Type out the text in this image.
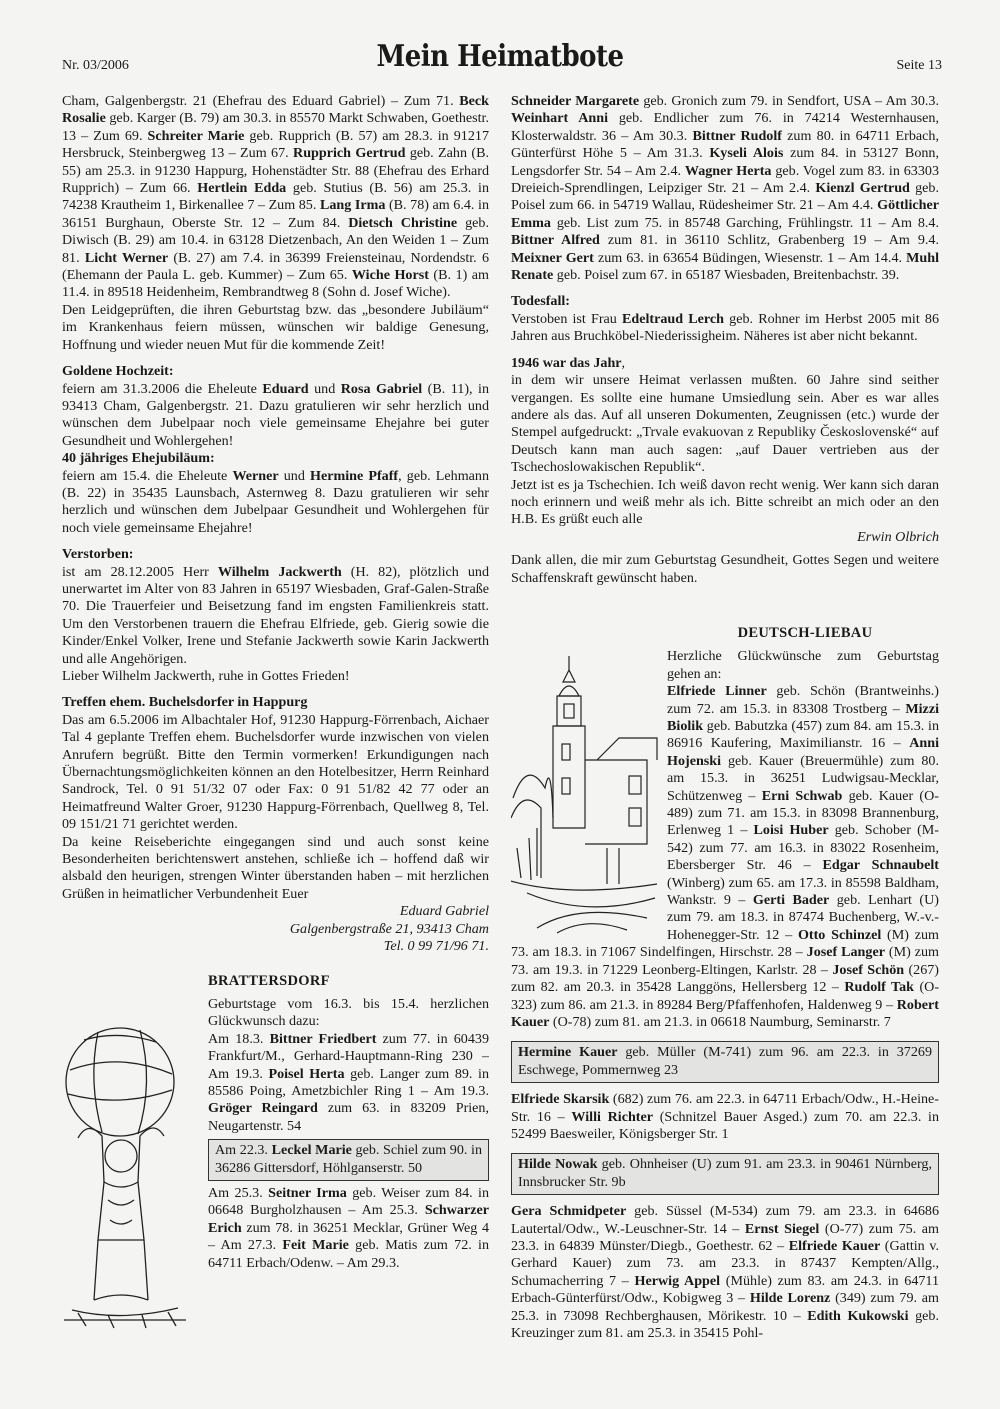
Nr. 03/2006	Mein Heimatbote	Seite 13

Cham, Galgenbergstr. 21 (Ehefrau des Eduard Gabriel) – Zum 71. Beck Rosalie geb. Karger (B. 79) am 30.3. in 85570 Markt Schwaben, Goethestr. 13 – Zum 69. Schreiter Marie geb. Rupprich (B. 57) am 28.3. in 91217 Hersbruck, Steinbergweg 13 – Zum 67. Rupprich Gertrud geb. Zahn (B. 55) am 25.3. in 91230 Happurg, Hohenstädter Str. 88 (Ehefrau des Erhard Rupprich) – Zum 66. Hertlein Edda geb. Stutius (B. 56) am 25.3. in 74238 Krautheim 1, Birkenallee 7 – Zum 85. Lang Irma (B. 78) am 6.4. in 36151 Burghaun, Oberste Str. 12 – Zum 84. Dietsch Christine geb. Diwisch (B. 29) am 10.4. in 63128 Dietzenbach, An den Weiden 1 – Zum 81. Licht Werner (B. 27) am 7.4. in 36399 Freiensteinau, Nordendstr. 6 (Ehemann der Paula L. geb. Kummer) – Zum 65. Wiche Horst (B. 1) am 11.4. in 89518 Heidenheim, Rembrandtweg 8 (Sohn d. Josef Wiche).

Den Leidgeprüften, die ihren Geburtstag bzw. das „besondere Jubiläum“ im Krankenhaus feiern müssen, wünschen wir baldige Genesung, Hoffnung und wieder neuen Mut für die kommende Zeit!

Goldene Hochzeit:

feiern am 31.3.2006 die Eheleute Eduard und Rosa Gabriel (B. 11), in 93413 Cham, Galgenbergstr. 21. Dazu gratulieren wir sehr herzlich und wünschen dem Jubelpaar noch viele gemeinsame Ehejahre bei guter Gesundheit und Wohlergehen!

40 jähriges Ehejubiläum:

feiern am 15.4. die Eheleute Werner und Hermine Pfaff, geb. Lehmann (B. 22) in 35435 Launsbach, Asternweg 8. Dazu gratulieren wir sehr herzlich und wünschen dem Jubelpaar Gesundheit und Wohlergehen für noch viele gemeinsame Ehejahre!

Verstorben:

ist am 28.12.2005 Herr Wilhelm Jackwerth (H. 82), plötzlich und unerwartet im Alter von 83 Jahren in 65197 Wiesbaden, Graf-Galen-Straße 70. Die Trauerfeier und Beisetzung fand im engsten Familienkreis statt. Um den Verstorbenen trauern die Ehefrau Elfriede, geb. Gierig sowie die Kinder/Enkel Volker, Irene und Stefanie Jackwerth sowie Karin Jackwerth und alle Angehörigen.

Lieber Wilhelm Jackwerth, ruhe in Gottes Frieden!

Treffen ehem. Buchelsdorfer in Happurg

Das am 6.5.2006 im Albachtaler Hof, 91230 Happurg-Förrenbach, Aichaer Tal 4 geplante Treffen ehem. Buchelsdorfer wurde inzwischen von vielen Anrufern begrüßt. Bitte den Termin vormerken! Erkundigungen nach Übernachtungsmöglichkeiten können an den Hotelbesitzer, Herrn Reinhard Sandrock, Tel. 0 91 51/32 07 oder Fax: 0 91 51/82 42 77 oder an Heimatfreund Walter Groer, 91230 Happurg-Förrenbach, Quellweg 8, Tel. 09 151/21 71 gerichtet werden.

Da keine Reiseberichte eingegangen sind und auch sonst keine Besonderheiten berichtenswert anstehen, schließe ich – hoffend daß wir alsbald den heurigen, strengen Winter überstanden haben – mit herzlichen Grüßen in heimatlicher Verbundenheit Euer

Eduard Gabriel

Galgenbergstraße 21, 93413 Cham

Tel. 0 99 71/96 71.

BRATTERSDORF

Geburtstage vom 16.3. bis 15.4. herzlichen Glückwunsch dazu:

Am 18.3. Bittner Friedbert zum 77. in 60439 Frankfurt/M., Gerhard-Hauptmann-Ring 230 – Am 19.3. Poisel Herta geb. Langer zum 89. in 85586 Poing, Ametzbichler Ring 1 – Am 19.3. Gröger Reingard zum 63. in 83209 Prien, Neugartenstr. 54

Am 22.3. Leckel Marie geb. Schiel zum 90. in 36286 Gittersdorf, Höhlganserstr. 50

Am 25.3. Seitner Irma geb. Weiser zum 84. in 06648 Burgholzhausen – Am 25.3. Schwarzer Erich zum 78. in 36251 Mecklar, Grüner Weg 4 – Am 27.3. Feit Marie geb. Matis zum 72. in 64711 Erbach/Odenw. – Am 29.3.

Schneider Margarete geb. Gronich zum 79. in Sendfort, USA – Am 30.3. Weinhart Anni geb. Endlicher zum 76. in 74214 Westernhausen, Klosterwaldstr. 36 – Am 30.3. Bittner Rudolf zum 80. in 64711 Erbach, Günterfürst Höhe 5 – Am 31.3. Kyseli Alois zum 84. in 53127 Bonn, Lengsdorfer Str. 54 – Am 2.4. Wagner Herta geb. Vogel zum 83. in 63303 Dreieich-Sprendlingen, Leipziger Str. 21 – Am 2.4. Kienzl Gertrud geb. Poisel zum 66. in 54719 Wallau, Rüdesheimer Str. 21 – Am 4.4. Göttlicher Emma geb. List zum 75. in 85748 Garching, Frühlingstr. 11 – Am 8.4. Bittner Alfred zum 81. in 36110 Schlitz, Grabenberg 19 – Am 9.4. Meixner Gert zum 63. in 63654 Büdingen, Wiesenstr. 1 – Am 14.4. Muhl Renate geb. Poisel zum 67. in 65187 Wiesbaden, Breitenbachstr. 39.

Todesfall:

Verstoben ist Frau Edeltraud Lerch geb. Rohner im Herbst 2005 mit 86 Jahren aus Bruchköbel-Niederissigheim. Näheres ist aber nicht bekannt.

1946 war das Jahr,

in dem wir unsere Heimat verlassen mußten. 60 Jahre sind seither vergangen. Es sollte eine humane Umsiedlung sein. Aber es war alles andere als das. Auf all unseren Dokumenten, Zeugnissen (etc.) wurde der Stempel aufgedruckt: „Trvale evakuovan z Republiky Československé“ auf Deutsch kann man auch sagen: „auf Dauer vertrieben aus der Tschechoslowakischen Republik“.

Jetzt ist es ja Tschechien. Ich weiß davon recht wenig. Wer kann sich daran noch erinnern und weiß mehr als ich. Bitte schreibt an mich oder an den H.B. Es grüßt euch alle

Erwin Olbrich

Dank allen, die mir zum Geburtstag Gesundheit, Gottes Segen und weitere Schaffenskraft gewünscht haben.

DEUTSCH-LIEBAU

Herzliche Glückwünsche zum Geburtstag gehen an:

Elfriede Linner geb. Schön (Brantweinhs.) zum 72. am 15.3. in 83308 Trostberg – Mizzi Biolik geb. Babutzka (457) zum 84. am 15.3. in 86916 Kaufering, Maximilianstr. 16 – Anni Hojenski geb. Kauer (Breuermühle) zum 80. am 15.3. in 36251 Ludwigsau-Mecklar, Schützenweg – Erni Schwab geb. Kauer (O-489) zum 71. am 15.3. in 83098 Brannenburg, Erlenweg 1 – Loisi Huber geb. Schober (M-542) zum 77. am 16.3. in 83022 Rosenheim, Ebersberger Str. 46 – Edgar Schnaubelt (Winberg) zum 65. am 17.3. in 85598 Baldham, Wankstr. 9 – Gerti Bader geb. Lenhart (U) zum 79. am 18.3. in 87474 Buchenberg, W.-v.-Hohenegger-Str. 12 – Otto Schinzel (M) zum 73. am 18.3. in 71067 Sindelfingen, Hirschstr. 28 – Josef Langer (M) zum 73. am 19.3. in 71229 Leonberg-Eltingen, Karlstr. 28 – Josef Schön (267) zum 82. am 20.3. in 35428 Langgöns, Hellersberg 12 – Rudolf Tak (O-323) zum 86. am 21.3. in 89284 Berg/Pfaffenhofen, Haldenweg 9 – Robert Kauer (O-78) zum 81. am 21.3. in 06618 Naumburg, Seminarstr. 7

Hermine Kauer geb. Müller (M-741) zum 96. am 22.3. in 37269 Eschwege, Pommernweg 23

Elfriede Skarsik (682) zum 76. am 22.3. in 64711 Erbach/Odw., H.-Heine-Str. 16 – Willi Richter (Schnitzel Bauer Asged.) zum 70. am 22.3. in 52499 Baesweiler, Königsberger Str. 1

Hilde Nowak geb. Ohnheiser (U) zum 91. am 23.3. in 90461 Nürnberg, Innsbrucker Str. 9b

Gera Schmidpeter geb. Süssel (M-534) zum 79. am 23.3. in 64686 Lautertal/Odw., W.-Leuschner-Str. 14 – Ernst Siegel (O-77) zum 75. am 23.3. in 64839 Münster/Diegb., Goethestr. 62 – Elfriede Kauer (Gattin v. Gerhard Kauer) zum 73. am 23.3. in 87437 Kempten/Allg., Schumacherring 7 – Herwig Appel (Mühle) zum 83. am 24.3. in 64711 Erbach-Günterfürst/Odw., Kobigweg 3 – Hilde Lorenz (349) zum 79. am 25.3. in 73098 Rechberghausen, Mörikestr. 10 – Edith Kukowski geb. Kreuzinger zum 81. am 25.3. in 35415 Pohl-
